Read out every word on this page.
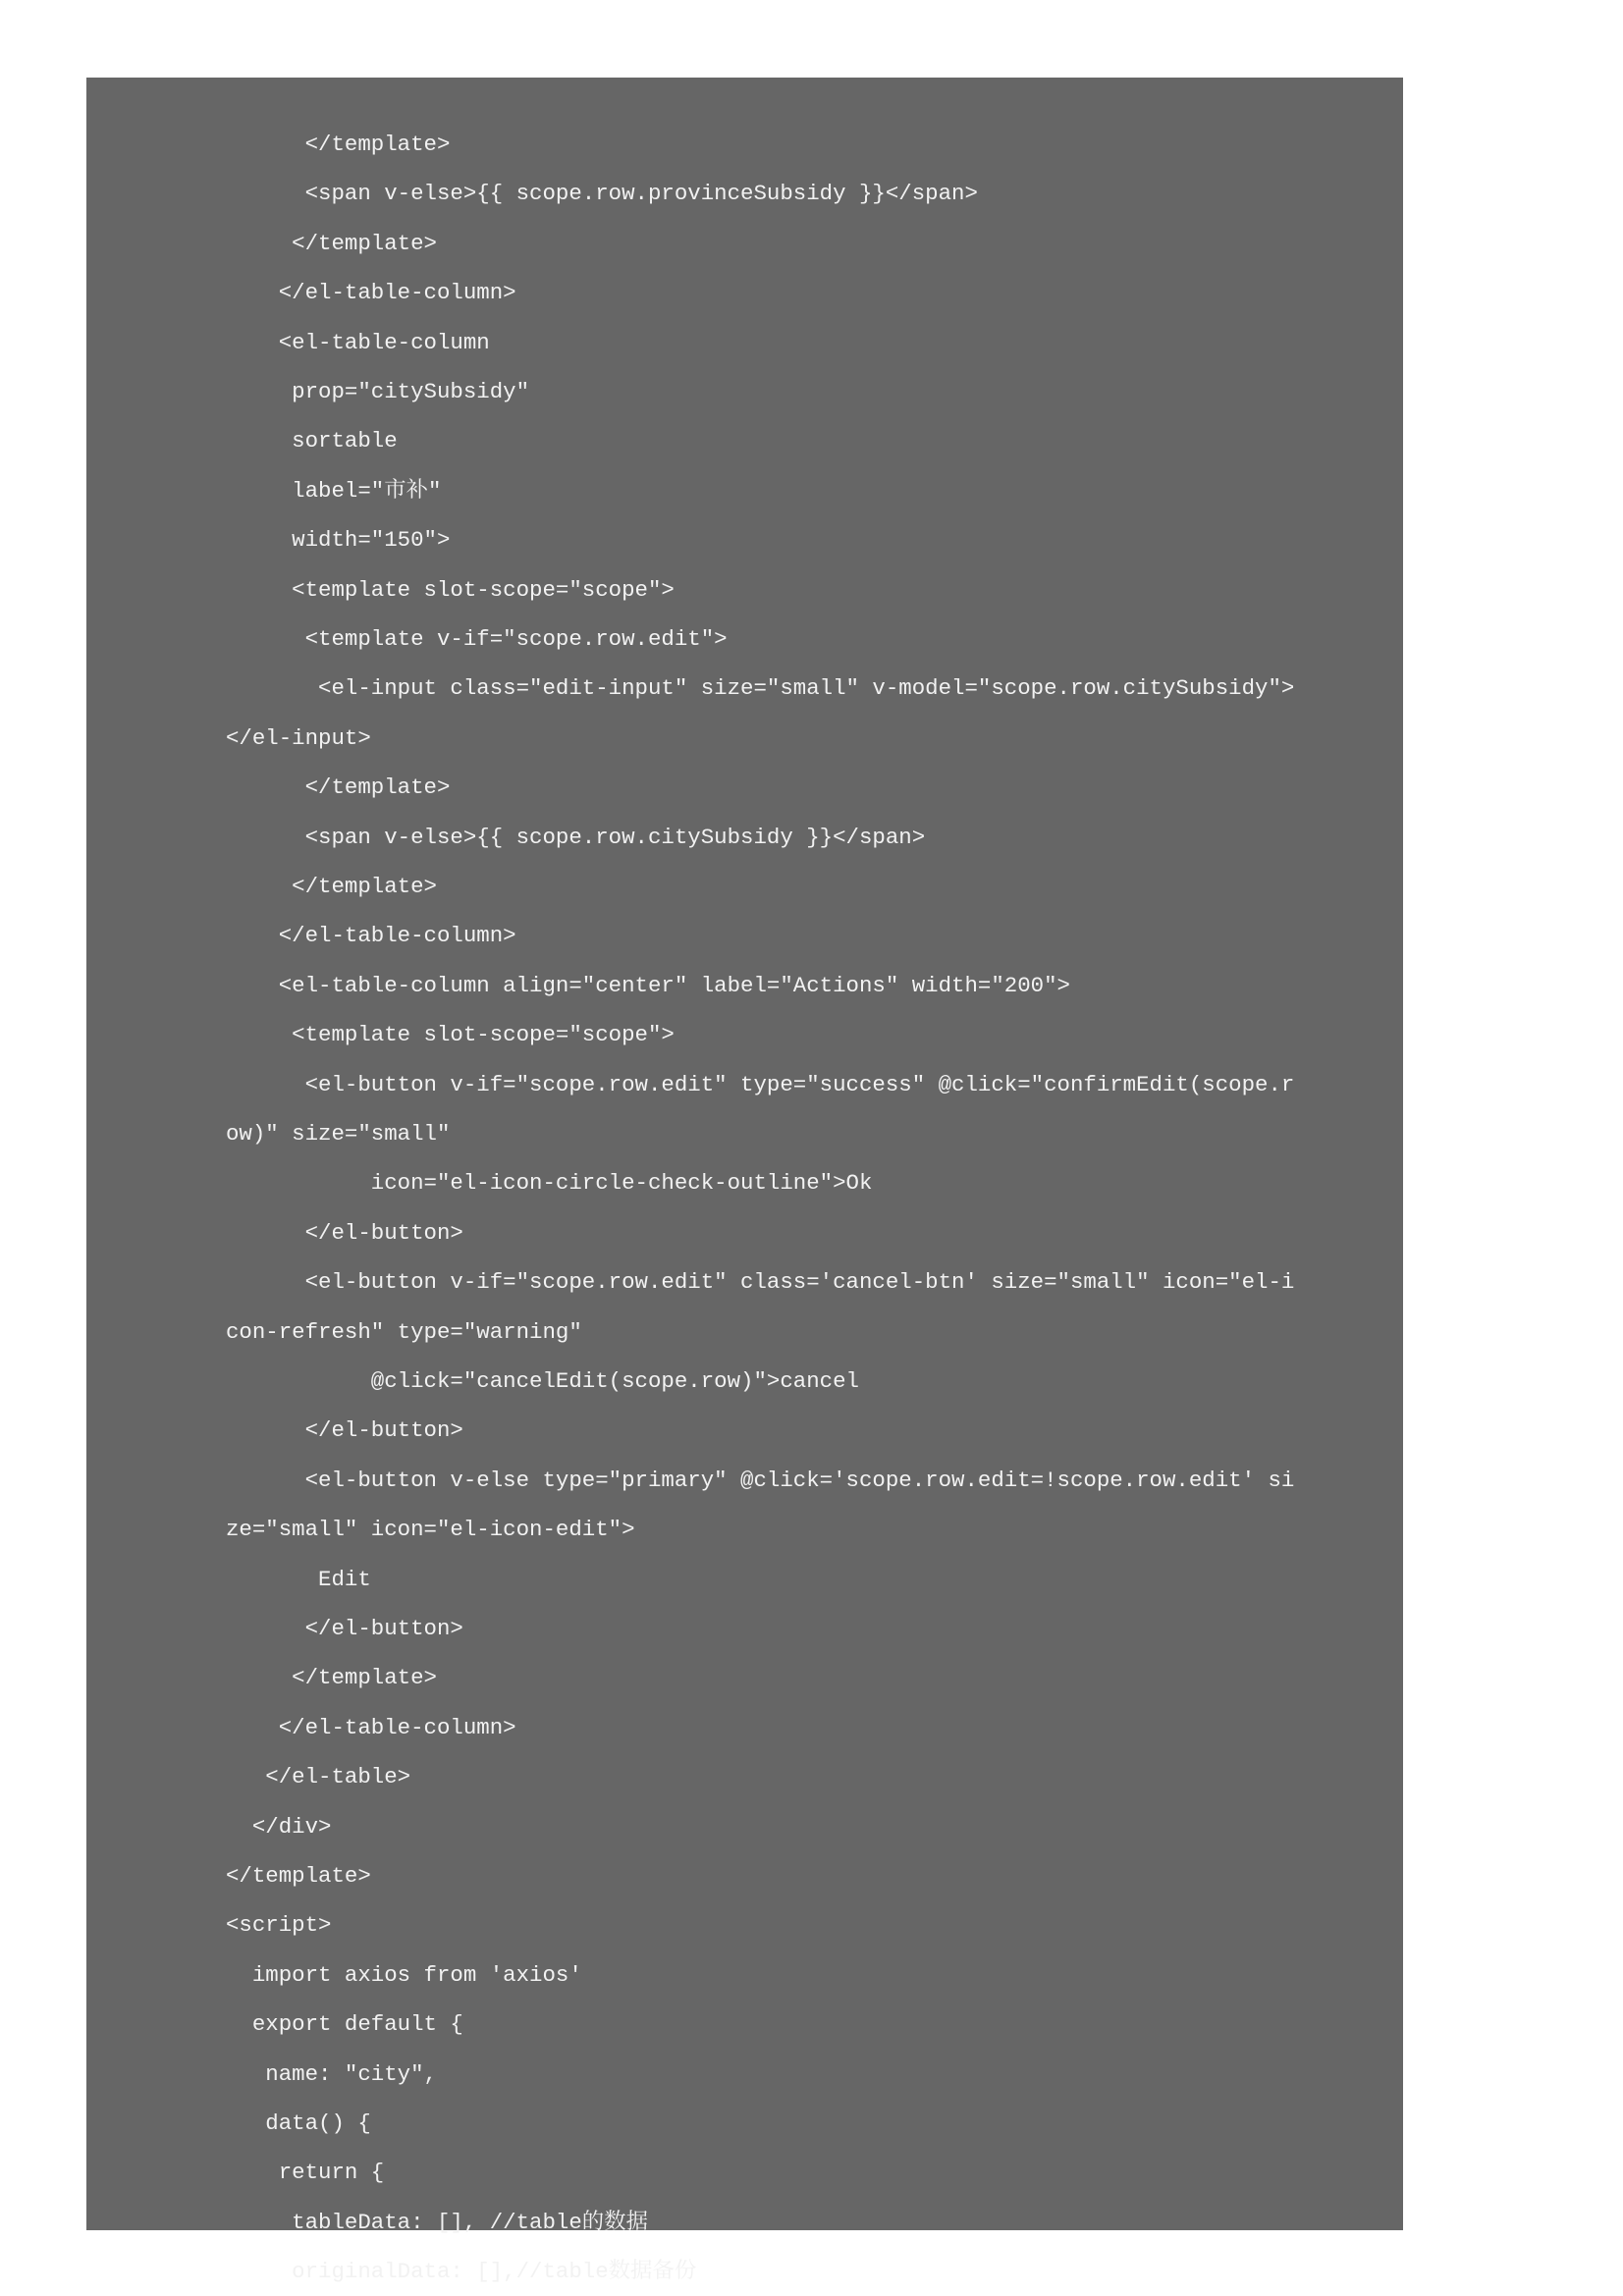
</template>
<span v-else>{{ scope.row.provinceSubsidy }}</span>
</template>
</el-table-column>
<el-table-column
prop="citySubsidy"
sortable
label="市补"
width="150">
<template slot-scope="scope">
<template v-if="scope.row.edit">
<el-input class="edit-input" size="small" v-model="scope.row.citySubsidy">
</el-input>
</template>
<span v-else>{{ scope.row.citySubsidy }}</span>
</template>
</el-table-column>
<el-table-column align="center" label="Actions" width="200">
<template slot-scope="scope">
<el-button v-if="scope.row.edit" type="success" @click="confirmEdit(scope.r
ow)" size="small"
icon="el-icon-circle-check-outline">Ok
</el-button>
<el-button v-if="scope.row.edit" class='cancel-btn' size="small" icon="el-i
con-refresh" type="warning"
@click="cancelEdit(scope.row)">cancel
</el-button>
<el-button v-else type="primary" @click='scope.row.edit=!scope.row.edit' si
ze="small" icon="el-icon-edit">
Edit
</el-button>
</template>
</el-table-column>
</el-table>
</div>
</template>
<script>
import axios from 'axios'
export default {
name: "city",
data() {
return {
tableData: [], //table的数据
originalData: [],//table数据备份
